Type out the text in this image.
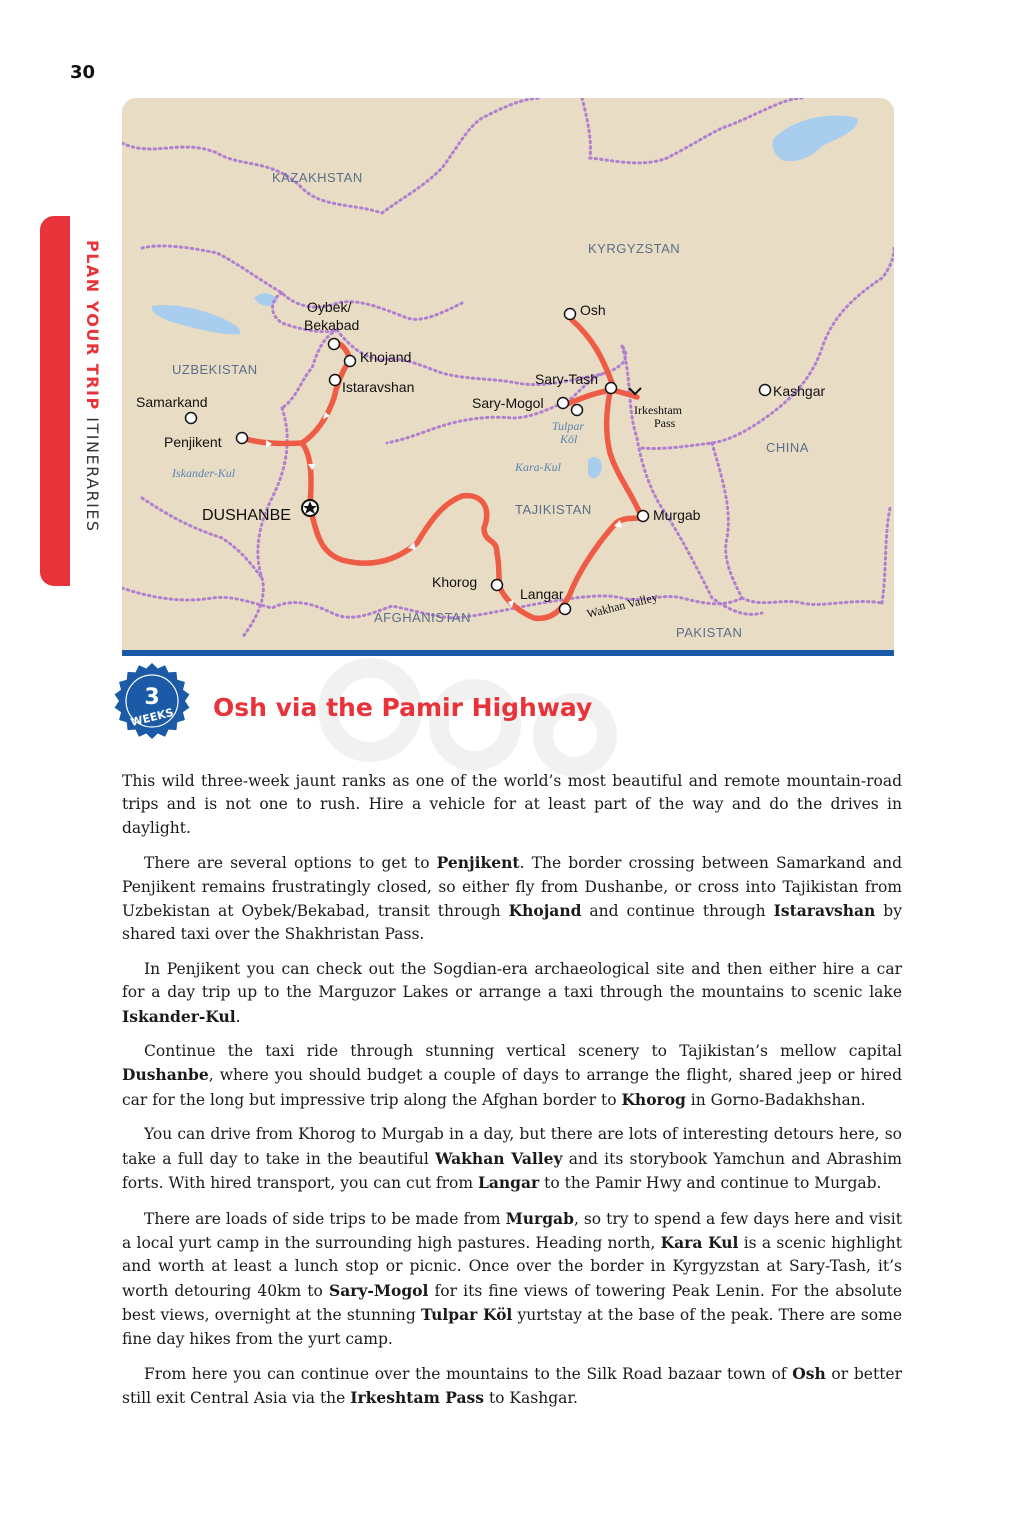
30
PLAN YOUR TRIP ITINERARIES
KAZAKHSTAN
KYRGYZSTAN
UZBEKISTAN
TAJIKISTAN
CHINA
AFGHANISTAN
PAKISTAN
Oybek/
Bekabad
Khojand
Istaravshan
Samarkand
Penjikent
DUSHANBE
Osh
Sary-Tash
Sary-Mogol	Irkeshtam
Pass
Kashgar
Murgab
Khorog
Langar Wakhan Valley
Iskander-Kul	Kara-Kul
Tulpar
Köl
3
WEEKS Osh via the Pamir Highway

This wild three-week jaunt ranks as one of the world’s most beautiful and remote mountain-road trips and is not one to rush. Hire a vehicle for at least part of the way and do the drives in daylight.

There are several options to get to Penjikent. The border crossing between Samarkand and Penjikent remains frustratingly closed, so either fly from Dushanbe, or cross into Tajikistan from Uzbekistan at Oybek/Bekabad, transit through Khojand and continue through Istaravshan by shared taxi over the Shakhristan Pass.

In Penjikent you can check out the Sogdian-era archaeological site and then either hire a car for a day trip up to the Marguzor Lakes or arrange a taxi through the mountains to scenic lake Iskander-Kul.

Continue the taxi ride through stunning vertical scenery to Tajikistan’s mellow capital Dushanbe, where you should budget a couple of days to arrange the flight, shared jeep or hired car for the long but impressive trip along the Afghan border to Khorog in Gorno-Badakhshan.

You can drive from Khorog to Murgab in a day, but there are lots of interesting detours here, so take a full day to take in the beautiful Wakhan Valley and its storybook Yamchun and Abrashim forts. With hired transport, you can cut from Langar to the Pamir Hwy and continue to Murgab.

There are loads of side trips to be made from Murgab, so try to spend a few days here and visit a local yurt camp in the surrounding high pastures. Heading north, Kara Kul is a scenic highlight and worth at least a lunch stop or picnic. Once over the border in Kyrgyzstan at Sary-Tash, it’s worth detouring 40km to Sary-Mogol for its fine views of towering Peak Lenin. For the absolute best views, overnight at the stunning Tulpar Köl yurtstay at the base of the peak. There are some fine day hikes from the yurt camp.

From here you can continue over the mountains to the Silk Road bazaar town of Osh or better still exit Central Asia via the Irkeshtam Pass to Kashgar.
